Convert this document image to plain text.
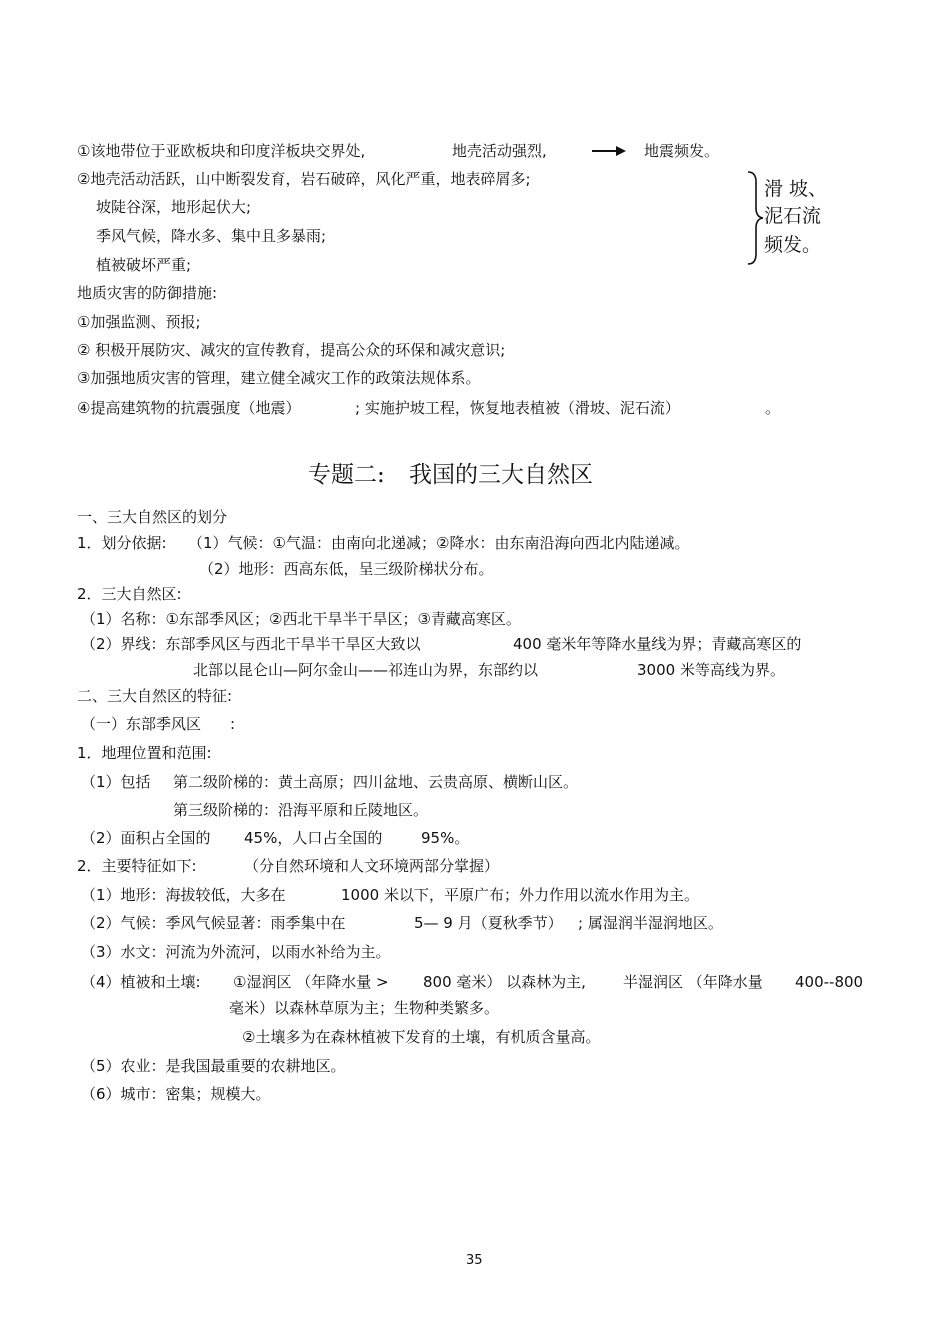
①该地带位于亚欧板块和印度洋板块交界处,	地壳活动强烈,	地震频发。
②地壳活动活跃，山中断裂发育，岩石破碎，风化严重，地表碎屑多;
坡陡谷深，地形起伏大;
季风气候，降水多、集中且多暴雨;
植被破坏严重;
滑 坡、
泥石流
频发。
地质灾害的防御措施:
①加强监测、预报;
② 积极开展防灾、减灾的宣传教育，提高公众的环保和减灾意识;
③加强地质灾害的管理，建立健全减灾工作的政策法规体系。
④提高建筑物的抗震强度（地震）	; 实施护坡工程，恢复地表植被（滑坡、泥石流）	。
专题二: 我国的三大自然区
一、三大自然区的划分
1．划分依据: （1）气候：①气温：由南向北递减；②降水：由东南沿海向西北内陆递减。
（2）地形：西高东低，呈三级阶梯状分布。
2．三大自然区:
（1）名称：①东部季风区；②西北干旱半干旱区；③青藏高寒区。
（2）界线：东部季风区与西北干旱半干旱区大致以	400 毫米年等降水量线为界；青藏高寒区的
北部以昆仑山—阿尔金山——祁连山为界，东部约以	3000 米等高线为界。
二、三大自然区的特征:
（一）东部季风区 :
1．地理位置和范围:
（1）包括 第二级阶梯的：黄土高原；四川盆地、云贵高原、横断山区。
第三级阶梯的：沿海平原和丘陵地区。
（2）面积占全国的 45%，人口占全国的	95%。
2．主要特征如下:	（分自然环境和人文环境两部分掌握）
（1）地形：海拔较低，大多在	1000 米以下，平原广布；外力作用以流水作用为主。
（2）气候：季风气候显著：雨季集中在	5— 9 月（夏秋季节） ; 属湿润半湿润地区。
（3）水文：河流为外流河，以雨水补给为主。
（4）植被和土壤: ①湿润区 （年降水量 > 800 毫米） 以森林为主, 半湿润区 （年降水量 400--800
毫米）以森林草原为主；生物种类繁多。
②土壤多为在森林植被下发育的土壤，有机质含量高。
（5）农业：是我国最重要的农耕地区。
（6）城市：密集；规模大。
35
